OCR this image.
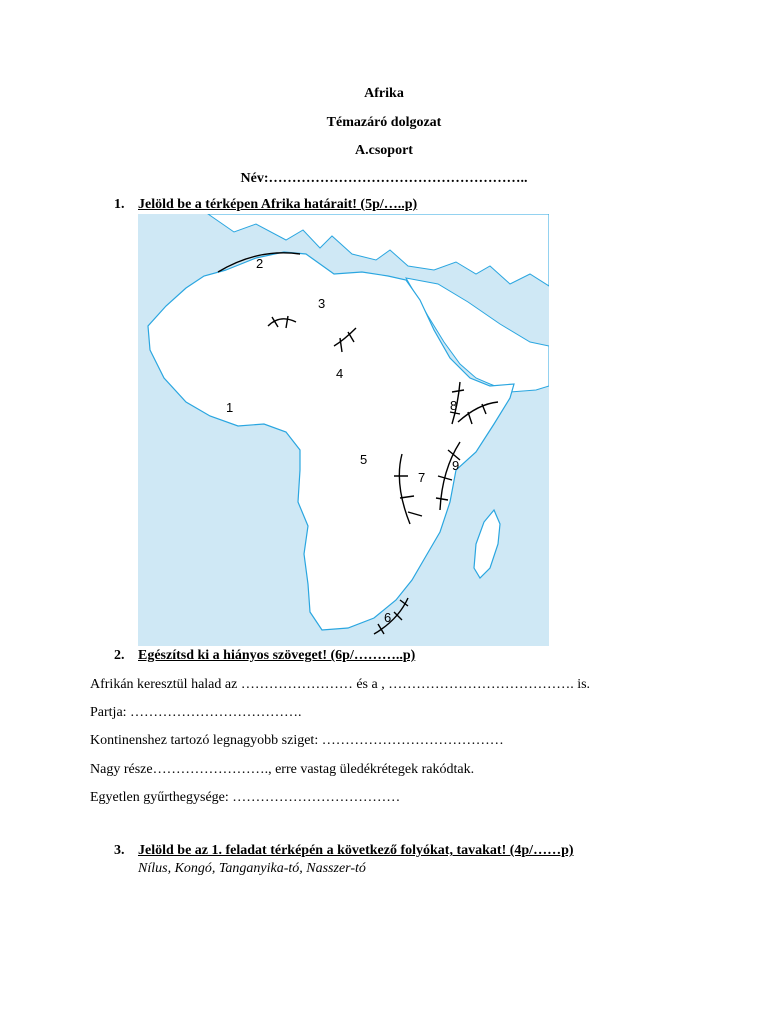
Afrika
Témazáró dolgozat
A.csoport
Név:………………………………………………..
1. Jelöld be a térképen Afrika határait! (5p/…..p)
1
2
3
4
5
6
7
8
9
2. Egészítsd ki a hiányos szöveget! (6p/………..p)
Afrikán keresztül halad az …………………… és a , …………………………………. is.
Partja: ……………………………….
Kontinenshez tartozó legnagyobb sziget: …………………………………
Nagy része……………………., erre vastag üledékrétegek rakódtak.
Egyetlen gyűrthegysége: ………………………………
3. Jelöld be az 1. feladat térképén a következő folyókat, tavakat! (4p/……p)
Nílus, Kongó, Tanganyika-tó, Nasszer-tó
